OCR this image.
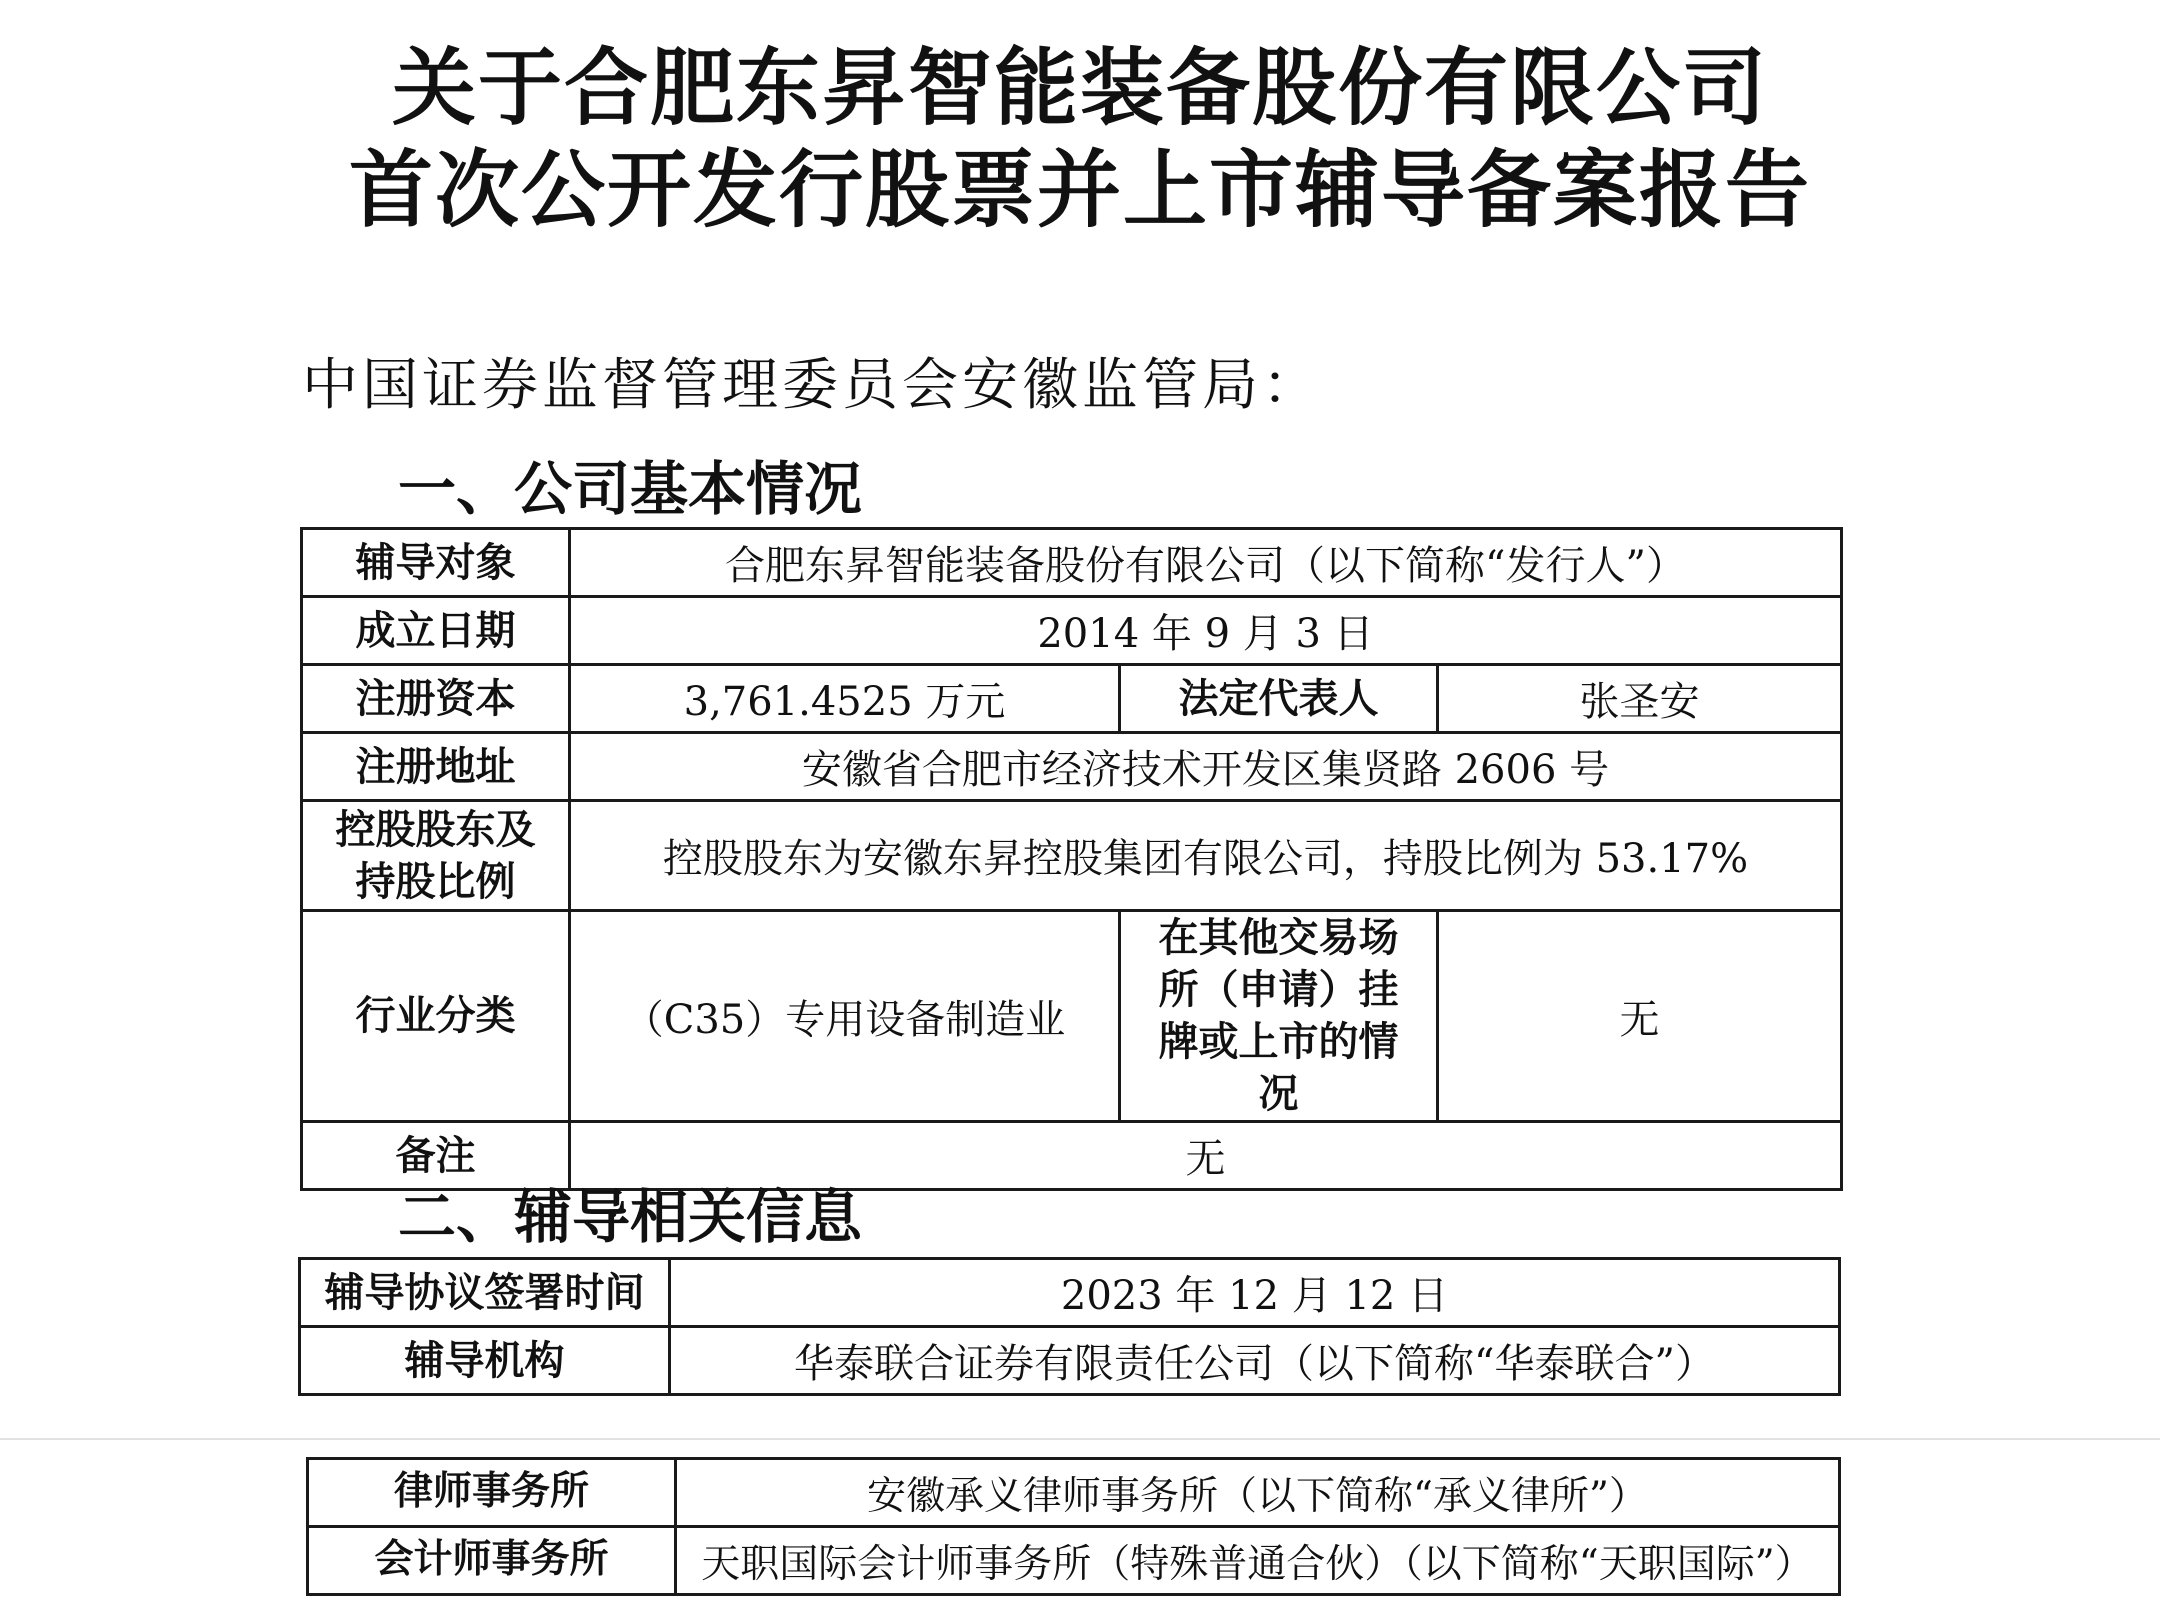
关于合肥东昇智能装备股份有限公司
首次公开发行股票并上市辅导备案报告
中国证券监督管理委员会安徽监管局：
一、公司基本情况
辅导对象	合肥东昇智能装备股份有限公司（以下简称“发行人”）		
成立日期	2014 年 9 月 3 日		
注册资本	3,761.4525 万元	法定代表人	张圣安
注册地址	安徽省合肥市经济技术开发区集贤路 2606 号		
控股股东及持股比例	控股股东为安徽东昇控股集团有限公司，持股比例为 53.17%		
行业分类	（C35）专用设备制造业	在其他交易场所（申请）挂牌或上市的情况	无
备注	无		
二、辅导相关信息
辅导协议签署时间	2023 年 12 月 12 日
辅导机构	华泰联合证券有限责任公司（以下简称“华泰联合”）
律师事务所	安徽承义律师事务所（以下简称“承义律所”）
会计师事务所	天职国际会计师事务所（特殊普通合伙）（以下简称“天职国际”）
